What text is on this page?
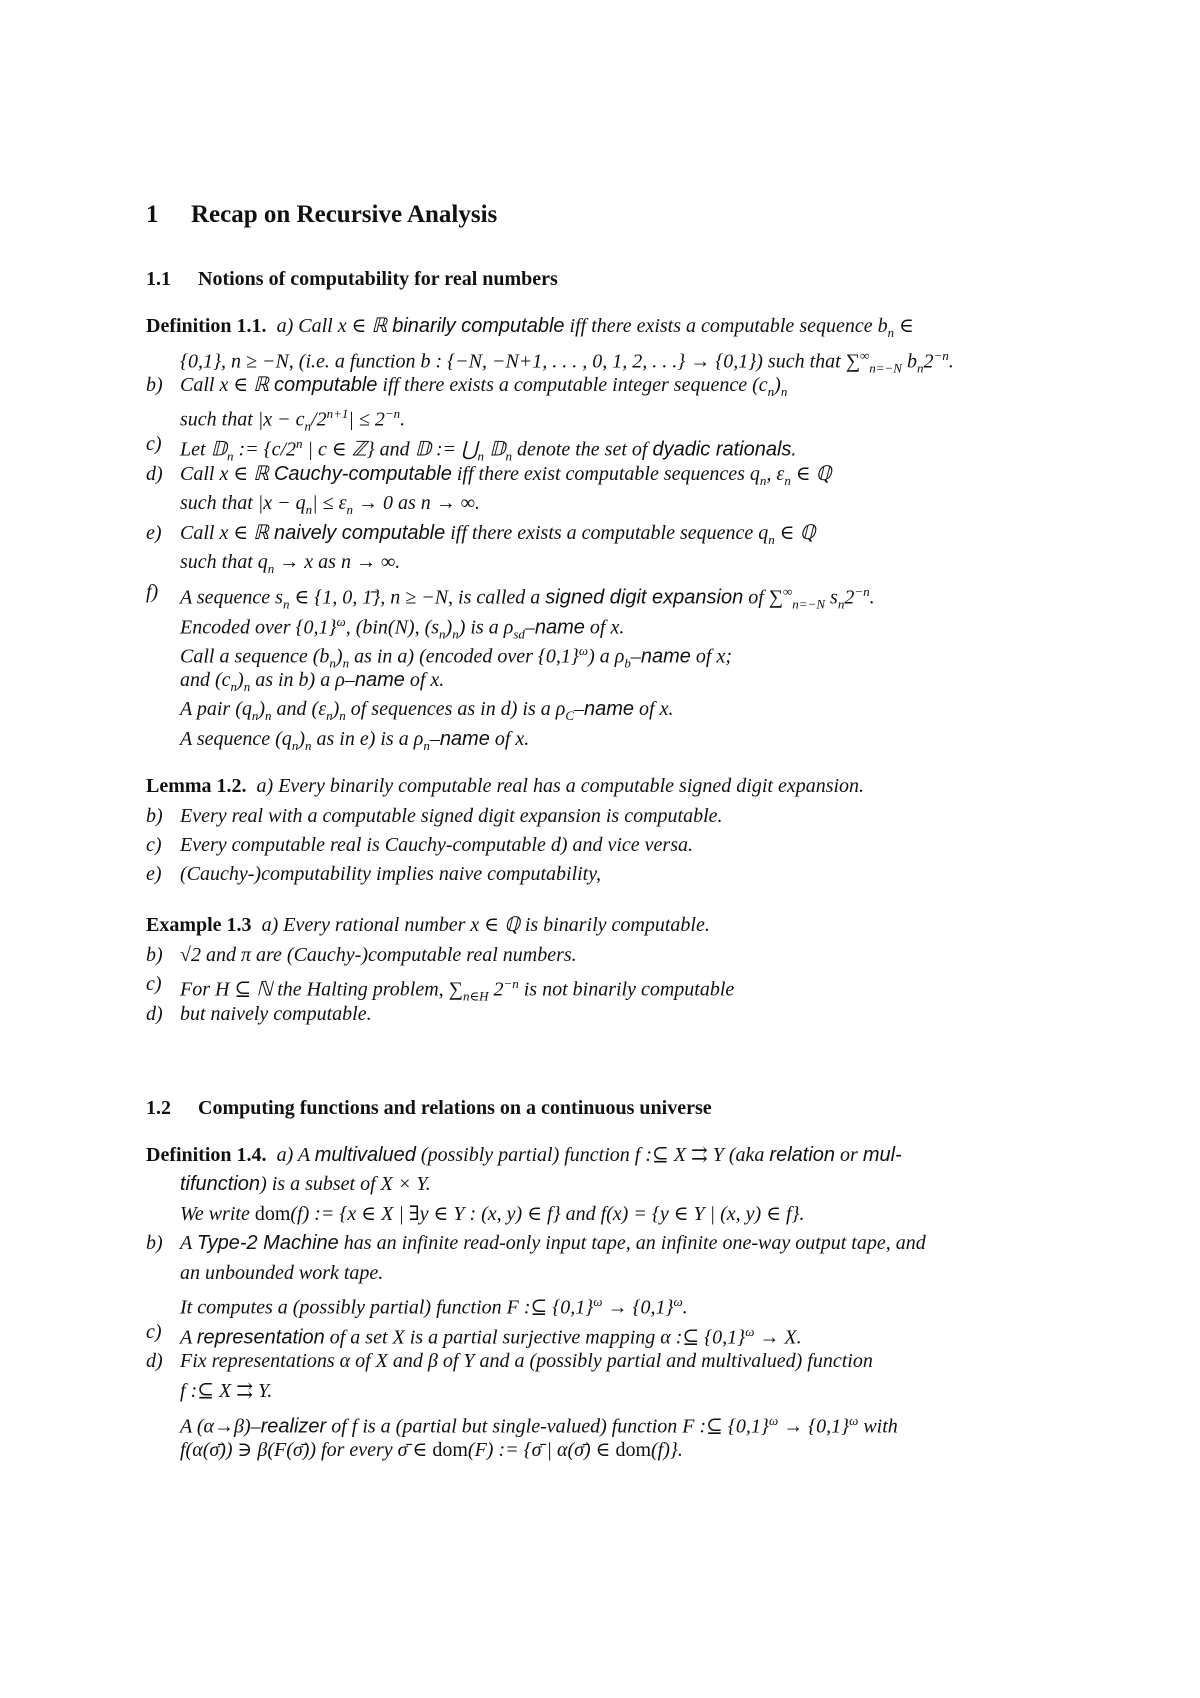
1 Recap on Recursive Analysis
1.1 Notions of computability for real numbers
Definition 1.1. a) Call x ∈ ℝ binarily computable iff there exists a computable sequence $b_n$ ∈
{0,1}, n ≥ −N, (i.e. a function b : {−N, −N+1, . . . , 0, 1, 2, . . .} → {0,1}) such that $\sum^\infty_{n=-N}$ $b_n2^{-n}$.
b) Call x ∈ ℝ computable iff there exists a computable integer sequence $(c_n)_n$
such that $|x - c_n/2^{n+1}| \le 2^{-n}$.
c) Let 𝔻$_n$ := {$c/2^n$ | c ∈ ℤ} and 𝔻 := $⋃_n$ 𝔻$_n$ denote the set of dyadic rationals.
d) Call x ∈ ℝ Cauchy-computable iff there exist computable sequences $q_n$, $\varepsilon_n$ ∈ ℚ
such that $|x - q_n| \le \varepsilon_n \to 0$ as n → ∞.
e) Call x ∈ ℝ naively computable iff there exists a computable sequence $q_n$ ∈ ℚ
such that $q_n \to x$ as n → ∞.
f) A sequence $s_n$ ∈ {1, 0, 1̄}, n ≥ −N, is called a signed digit expansion of $\sum^\infty_{n=-N}$ $s_n2^{-n}$.
Encoded over $\{0,1\}^\omega$, (bin(N), $(s_n)_n$) is a $\rho_{sd}$–name of x.
Call a sequence $(b_n)_n$ as in a) (encoded over $\{0,1\}^\omega$) a $\rho_b$–name of x;
and $(c_n)_n$ as in b) a ρ–name of x.
A pair $(q_n)_n$ and $(\varepsilon_n)_n$ of sequences as in d) is a $\rho_C$–name of x.
A sequence $(q_n)_n$ as in e) is a $\rho_n$–name of x.
Lemma 1.2. a) Every binarily computable real has a computable signed digit expansion.
b) Every real with a computable signed digit expansion is computable.
c) Every computable real is Cauchy-computable d) and vice versa.
e) (Cauchy-)computability implies naive computability,
Example 1.3 a) Every rational number x ∈ ℚ is binarily computable.
b) √2 and π are (Cauchy-)computable real numbers.
c) For H ⊆ ℕ the Halting problem, $\sum_{n\in H}$ $2^{-n}$ is not binarily computable
d) but naively computable.
1.2 Computing functions and relations on a continuous universe
Definition 1.4. a) A multivalued (possibly partial) function f :⊆ X ⇉ Y (aka relation or mul-
tifunction) is a subset of X × Y.
We write dom(f) := {x ∈ X | ∃y ∈ Y : (x, y) ∈ f} and f(x) = {y ∈ Y | (x, y) ∈ f}.
b) A Type-2 Machine has an infinite read-only input tape, an infinite one-way output tape, and
an unbounded work tape.
It computes a (possibly partial) function F :⊆ $\{0,1\}^\omega \to \{0,1\}^\omega$.
c) A representation of a set X is a partial surjective mapping α :⊆ $\{0,1\}^\omega \to X$.
d) Fix representations α of X and β of Y and a (possibly partial and multivalued) function
f :⊆ X ⇉ Y.
A (α→β)–realizer of f is a (partial but single-valued) function F :⊆ $\{0,1\}^\omega \to \{0,1\}^\omega$ with
f(α(σ̄)) ∋ β(F(σ̄)) for every σ̄ ∈ dom(F) := {σ̄ | α(σ̄) ∈ dom(f)}.
